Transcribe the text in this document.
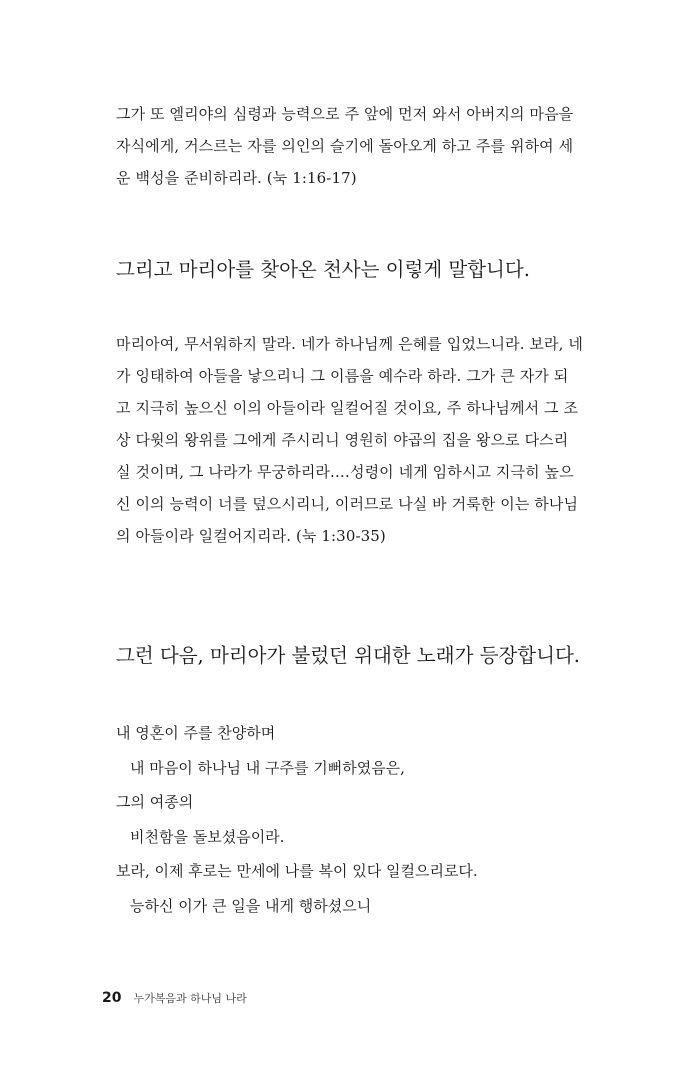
그가 또 엘리야의 심령과 능력으로 주 앞에 먼저 와서 아버지의 마음을
자식에게, 거스르는 자를 의인의 슬기에 돌아오게 하고 주를 위하여 세
운 백성을 준비하리라. (눅 1:16-17)
그리고 마리아를 찾아온 천사는 이렇게 말합니다.
마리아여, 무서워하지 말라. 네가 하나님께 은혜를 입었느니라. 보라, 네
가 잉태하여 아들을 낳으리니 그 이름을 예수라 하라. 그가 큰 자가 되
고 지극히 높으신 이의 아들이라 일컬어질 것이요, 주 하나님께서 그 조
상 다윗의 왕위를 그에게 주시리니 영원히 야곱의 집을 왕으로 다스리
실 것이며, 그 나라가 무궁하리라.…성령이 네게 임하시고 지극히 높으
신 이의 능력이 너를 덮으시리니, 이러므로 나실 바 거룩한 이는 하나님
의 아들이라 일컬어지리라. (눅 1:30-35)
그런 다음, 마리아가 불렀던 위대한 노래가 등장합니다.
내 영혼이 주를 찬양하며
내 마음이 하나님 내 구주를 기뻐하였음은,
그의 여종의
비천함을 돌보셨음이라.
보라, 이제 후로는 만세에 나를 복이 있다 일컬으리로다.
능하신 이가 큰 일을 내게 행하셨으니
20 누가복음과 하나님 나라
